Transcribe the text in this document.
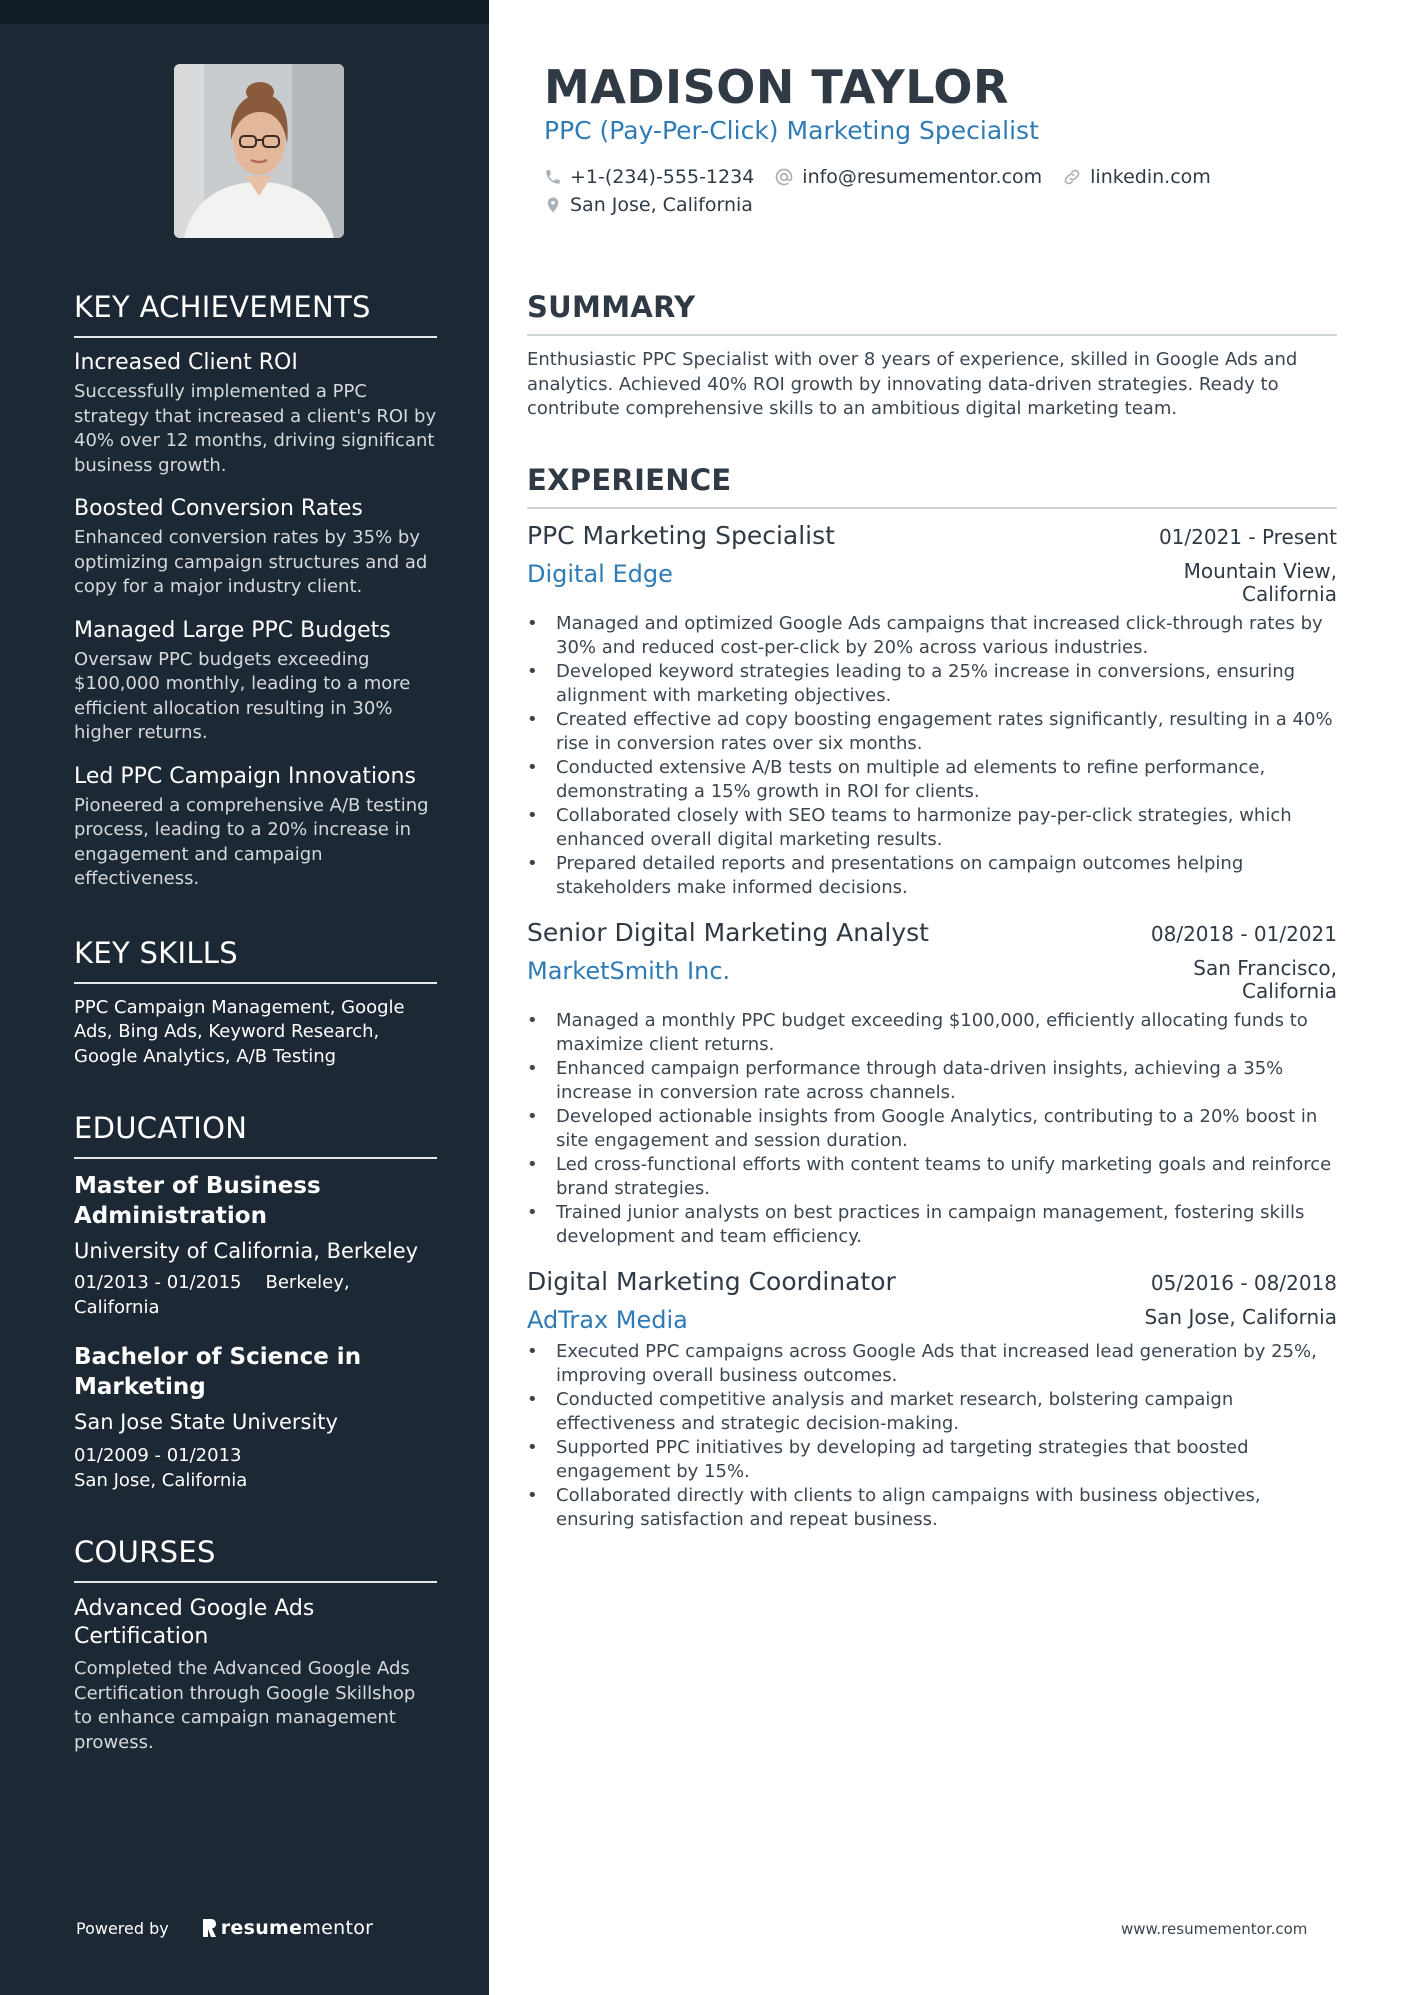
KEY ACHIEVEMENTS
Increased Client ROI
Successfully implemented a PPC strategy that increased a client's ROI by 40% over 12 months, driving significant business growth.
Boosted Conversion Rates
Enhanced conversion rates by 35% by optimizing campaign structures and ad copy for a major industry client.
Managed Large PPC Budgets
Oversaw PPC budgets exceeding $100,000 monthly, leading to a more efficient allocation resulting in 30% higher returns.
Led PPC Campaign Innovations
Pioneered a comprehensive A/B testing process, leading to a 20% increase in engagement and campaign effectiveness.
KEY SKILLS
PPC Campaign Management, Google Ads, Bing Ads, Keyword Research, Google Analytics, A/B Testing
EDUCATION
Master of Business Administration
University of California, Berkeley
01/2013 - 01/2015 Berkeley, California
Bachelor of Science in Marketing
San Jose State University
01/2009 - 01/2013
San Jose, California
COURSES
Advanced Google Ads Certification
Completed the Advanced Google Ads Certification through Google Skillshop to enhance campaign management prowess.
Powered by	resume mentor
MADISON TAYLOR
PPC (Pay-Per-Click) Marketing Specialist
+1-(234)-555-1234	info@resumementor.com	linkedin.com
San Jose, California
SUMMARY

Enthusiastic PPC Specialist with over 8 years of experience, skilled in Google Ads and analytics. Achieved 40% ROI growth by innovating data-driven strategies. Ready to contribute comprehensive skills to an ambitious digital marketing team.

EXPERIENCE
PPC Marketing Specialist	01/2021 - Present
Digital Edge	Mountain View, California
• Managed and optimized Google Ads campaigns that increased click-through rates by 30% and reduced cost-per-click by 20% across various industries.
• Developed keyword strategies leading to a 25% increase in conversions, ensuring alignment with marketing objectives.
• Created effective ad copy boosting engagement rates significantly, resulting in a 40% rise in conversion rates over six months.
• Conducted extensive A/B tests on multiple ad elements to refine performance, demonstrating a 15% growth in ROI for clients.
• Collaborated closely with SEO teams to harmonize pay-per-click strategies, which enhanced overall digital marketing results.
• Prepared detailed reports and presentations on campaign outcomes helping stakeholders make informed decisions.
Senior Digital Marketing Analyst	08/2018 - 01/2021
MarketSmith Inc.	San Francisco, California
• Managed a monthly PPC budget exceeding $100,000, efficiently allocating funds to maximize client returns.
• Enhanced campaign performance through data-driven insights, achieving a 35% increase in conversion rate across channels.
• Developed actionable insights from Google Analytics, contributing to a 20% boost in site engagement and session duration.
• Led cross-functional efforts with content teams to unify marketing goals and reinforce brand strategies.
• Trained junior analysts on best practices in campaign management, fostering skills development and team efficiency.
Digital Marketing Coordinator	05/2016 - 08/2018
AdTrax Media	San Jose, California
• Executed PPC campaigns across Google Ads that increased lead generation by 25%, improving overall business outcomes.
• Conducted competitive analysis and market research, bolstering campaign effectiveness and strategic decision-making.
• Supported PPC initiatives by developing ad targeting strategies that boosted engagement by 15%.
• Collaborated directly with clients to align campaigns with business objectives, ensuring satisfaction and repeat business.
www.resumementor.com
